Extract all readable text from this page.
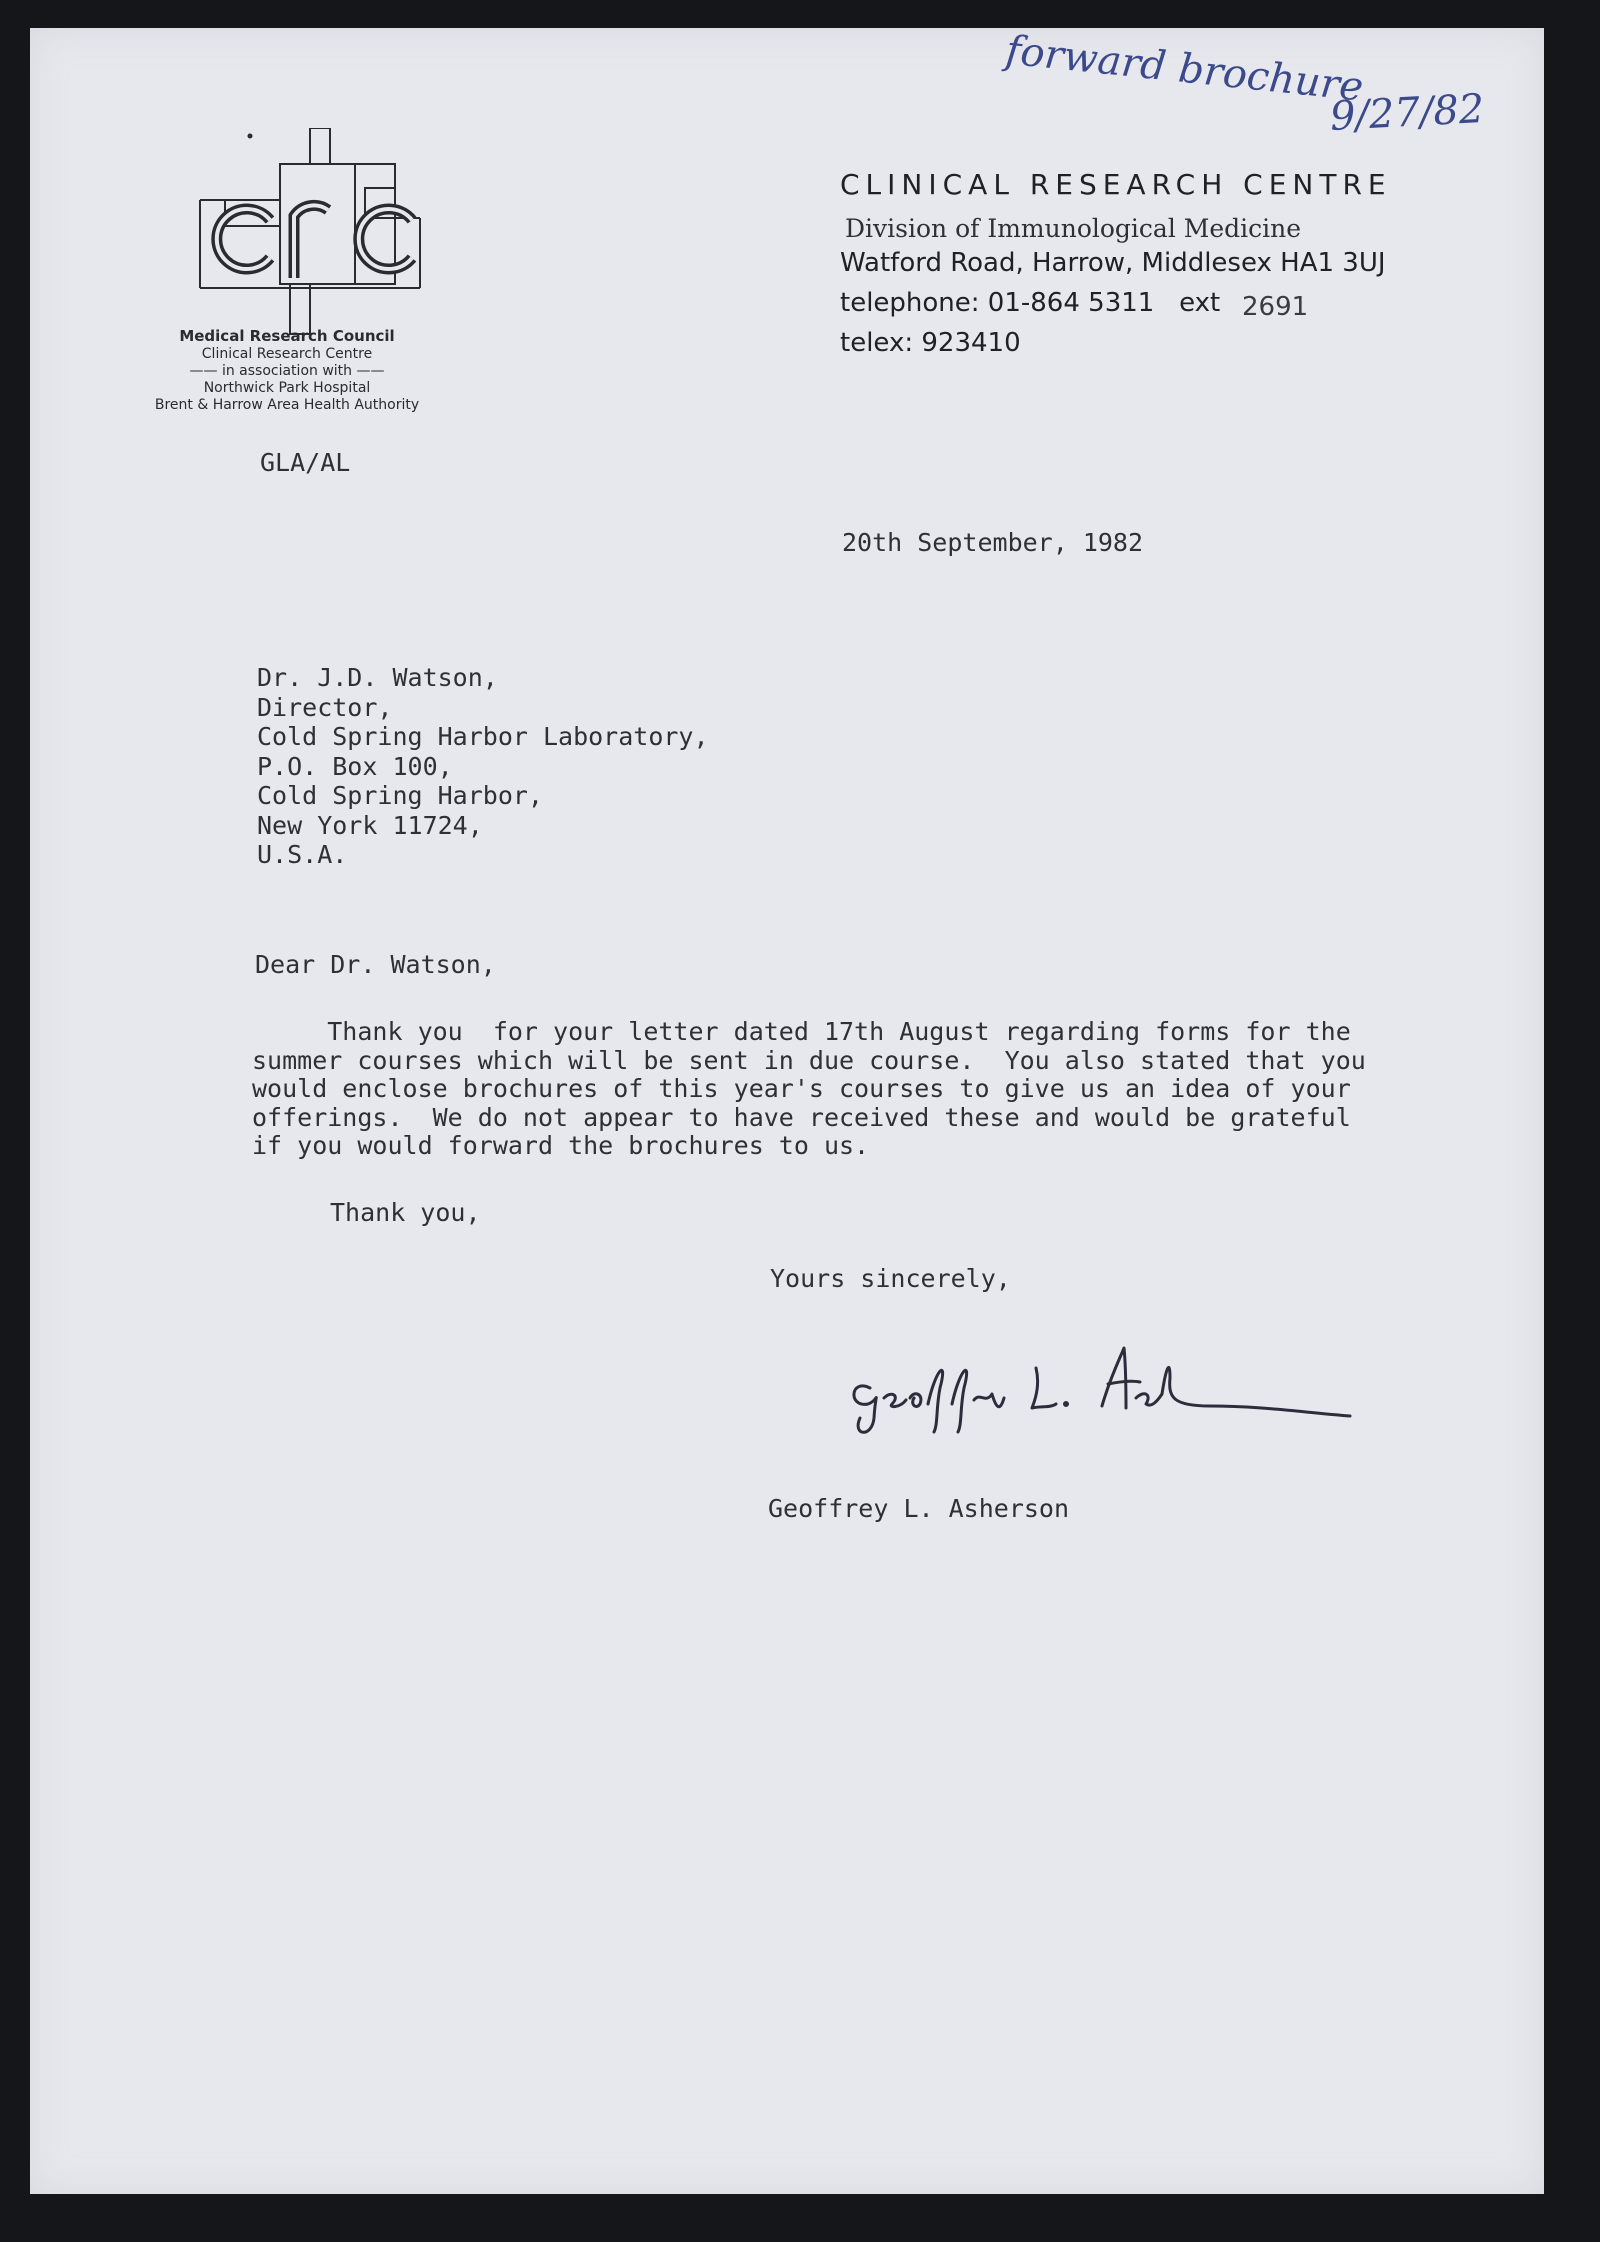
forward brochure
9/27/82
Medical Research Council
Clinical Research Centre
—— in association with ——
Northwick Park Hospital
Brent & Harrow Area Health Authority
CLINICAL RESEARCH CENTRE
Division of Immunological Medicine
Watford Road, Harrow, Middlesex HA1 3UJ
telephone: 01-864 5311   ext 2691
telex: 923410
GLA/AL
20th September, 1982
Dr. J.D. Watson,
Director,
Cold Spring Harbor Laboratory,
P.O. Box 100,
Cold Spring Harbor,
New York 11724,
U.S.A.
Dear Dr. Watson,
Thank you  for your letter dated 17th August regarding forms for the
summer courses which will be sent in due course.  You also stated that you
would enclose brochures of this year's courses to give us an idea of your
offerings.  We do not appear to have received these and would be grateful
if you would forward the brochures to us.
Thank you,
Yours sincerely,
Geoffrey L. Asherson
